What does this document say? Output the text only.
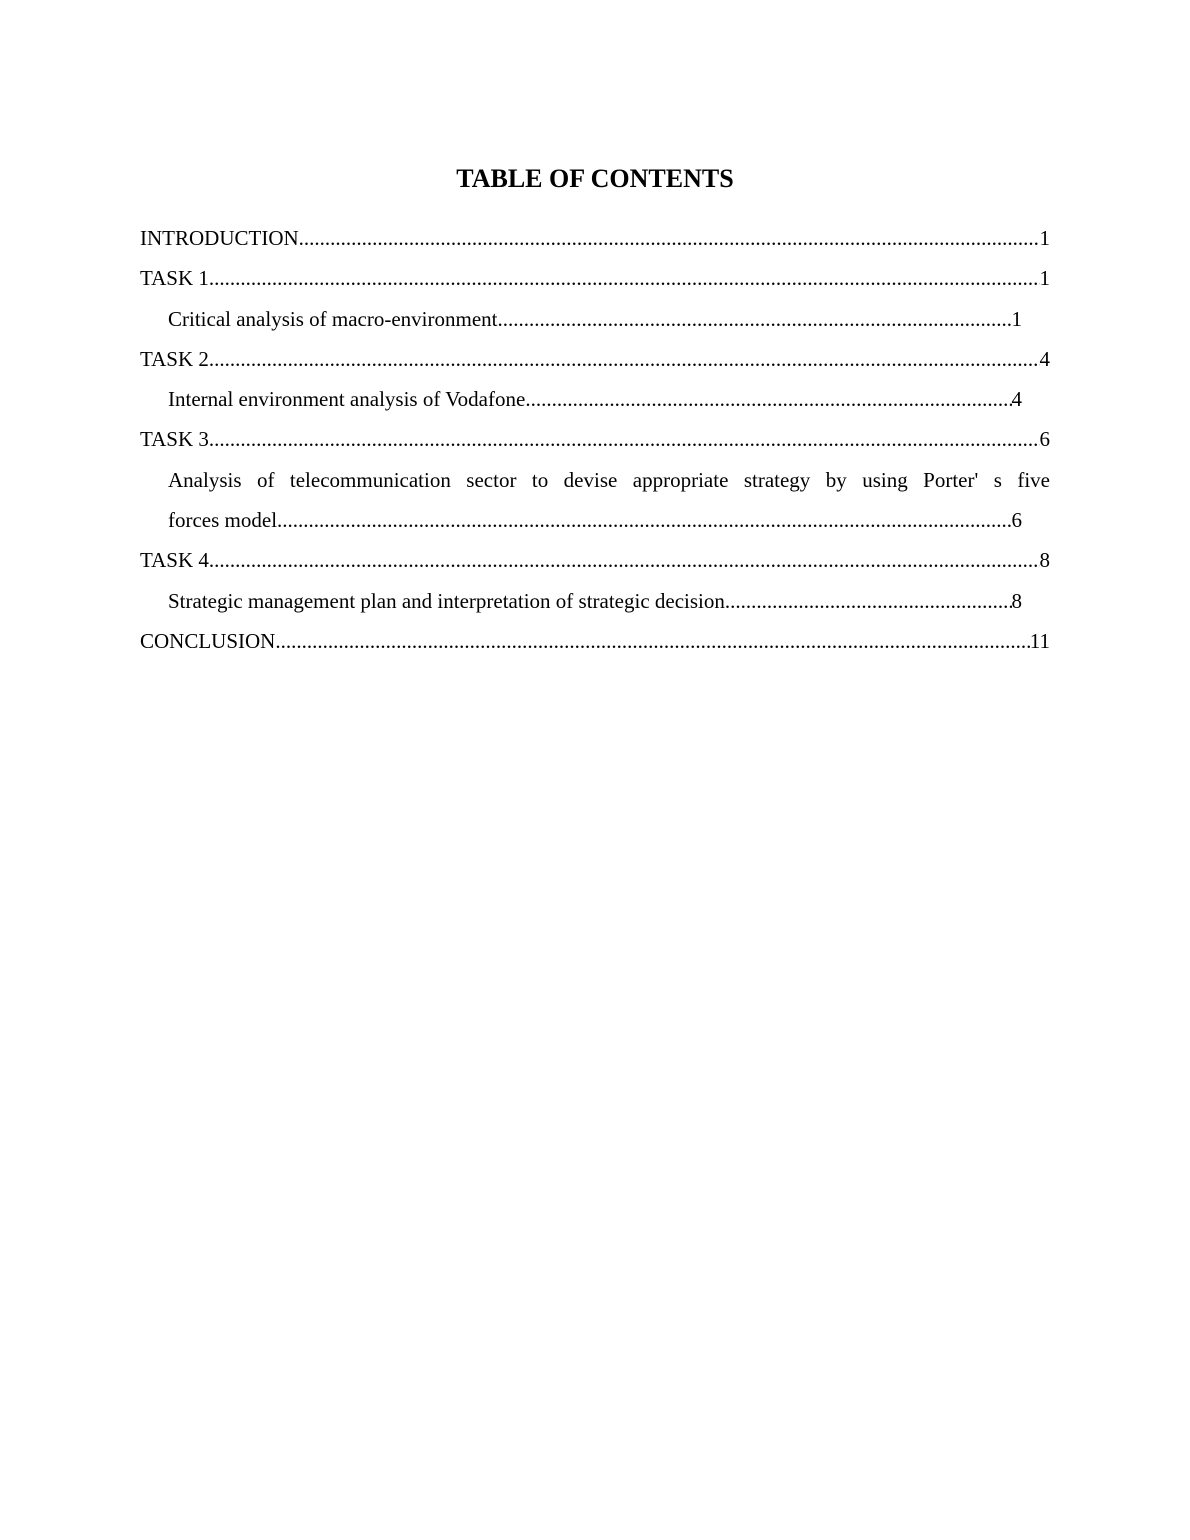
TABLE OF CONTENTS
INTRODUCTION .....	1
TASK 1 .....	1
Critical analysis of macro-environment .....	1
TASK 2 .....	4
Internal environment analysis of Vodafone .....	4
TASK 3 .....	6
Analysis of telecommunication sector to devise appropriate strategy by using Porter' s five
forces model .....	6
TASK 4 .....	8
Strategic management plan and interpretation of strategic decision .....	8
CONCLUSION .....	11
